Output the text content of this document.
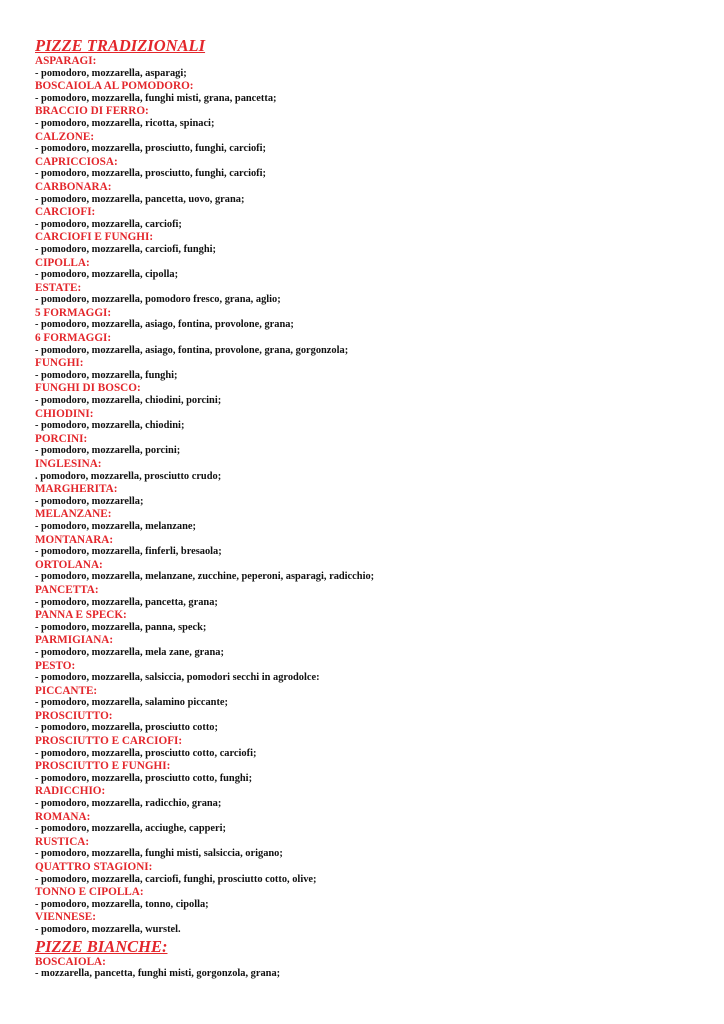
PIZZE TRADIZIONALI
ASPARAGI:
- pomodoro, mozzarella, asparagi;
BOSCAIOLA AL POMODORO:
- pomodoro, mozzarella, funghi misti, grana, pancetta;
BRACCIO DI FERRO:
- pomodoro, mozzarella, ricotta, spinaci;
CALZONE:
- pomodoro, mozzarella, prosciutto, funghi, carciofi;
CAPRICCIOSA:
- pomodoro, mozzarella, prosciutto, funghi, carciofi;
CARBONARA:
- pomodoro, mozzarella, pancetta, uovo, grana;
CARCIOFI:
- pomodoro, mozzarella, carciofi;
CARCIOFI E FUNGHI:
- pomodoro, mozzarella, carciofi, funghi;
CIPOLLA:
- pomodoro, mozzarella, cipolla;
ESTATE:
- pomodoro, mozzarella, pomodoro fresco, grana, aglio;
5 FORMAGGI:
- pomodoro, mozzarella, asiago, fontina, provolone, grana;
6 FORMAGGI:
- pomodoro, mozzarella, asiago, fontina, provolone, grana, gorgonzola;
FUNGHI:
- pomodoro, mozzarella, funghi;
FUNGHI DI BOSCO:
- pomodoro, mozzarella, chiodini, porcini;
CHIODINI:
- pomodoro, mozzarella, chiodini;
PORCINI:
- pomodoro, mozzarella, porcini;
INGLESINA:
. pomodoro, mozzarella, prosciutto crudo;
MARGHERITA:
- pomodoro, mozzarella;
MELANZANE:
- pomodoro, mozzarella, melanzane;
MONTANARA:
- pomodoro, mozzarella, finferli, bresaola;
ORTOLANA:
- pomodoro, mozzarella, melanzane, zucchine, peperoni, asparagi, radicchio;
PANCETTA:
- pomodoro, mozzarella, pancetta, grana;
PANNA E SPECK:
- pomodoro, mozzarella, panna, speck;
PARMIGIANA:
- pomodoro, mozzarella, mela zane, grana;
PESTO:
- pomodoro, mozzarella, salsiccia, pomodori secchi in agrodolce:
PICCANTE:
- pomodoro, mozzarella, salamino piccante;
PROSCIUTTO:
- pomodoro, mozzarella, prosciutto cotto;
PROSCIUTTO E CARCIOFI:
- pomodoro, mozzarella, prosciutto cotto, carciofi;
PROSCIUTTO E FUNGHI:
- pomodoro, mozzarella, prosciutto cotto, funghi;
RADICCHIO:
- pomodoro, mozzarella, radicchio, grana;
ROMANA:
- pomodoro, mozzarella, acciughe, capperi;
RUSTICA:
- pomodoro, mozzarella, funghi misti, salsiccia, origano;
QUATTRO STAGIONI:
- pomodoro, mozzarella, carciofi, funghi, prosciutto cotto, olive;
TONNO E CIPOLLA:
- pomodoro, mozzarella, tonno, cipolla;
VIENNESE:
- pomodoro, mozzarella, wurstel.
PIZZE BIANCHE:
BOSCAIOLA:
- mozzarella, pancetta, funghi misti, gorgonzola, grana;
